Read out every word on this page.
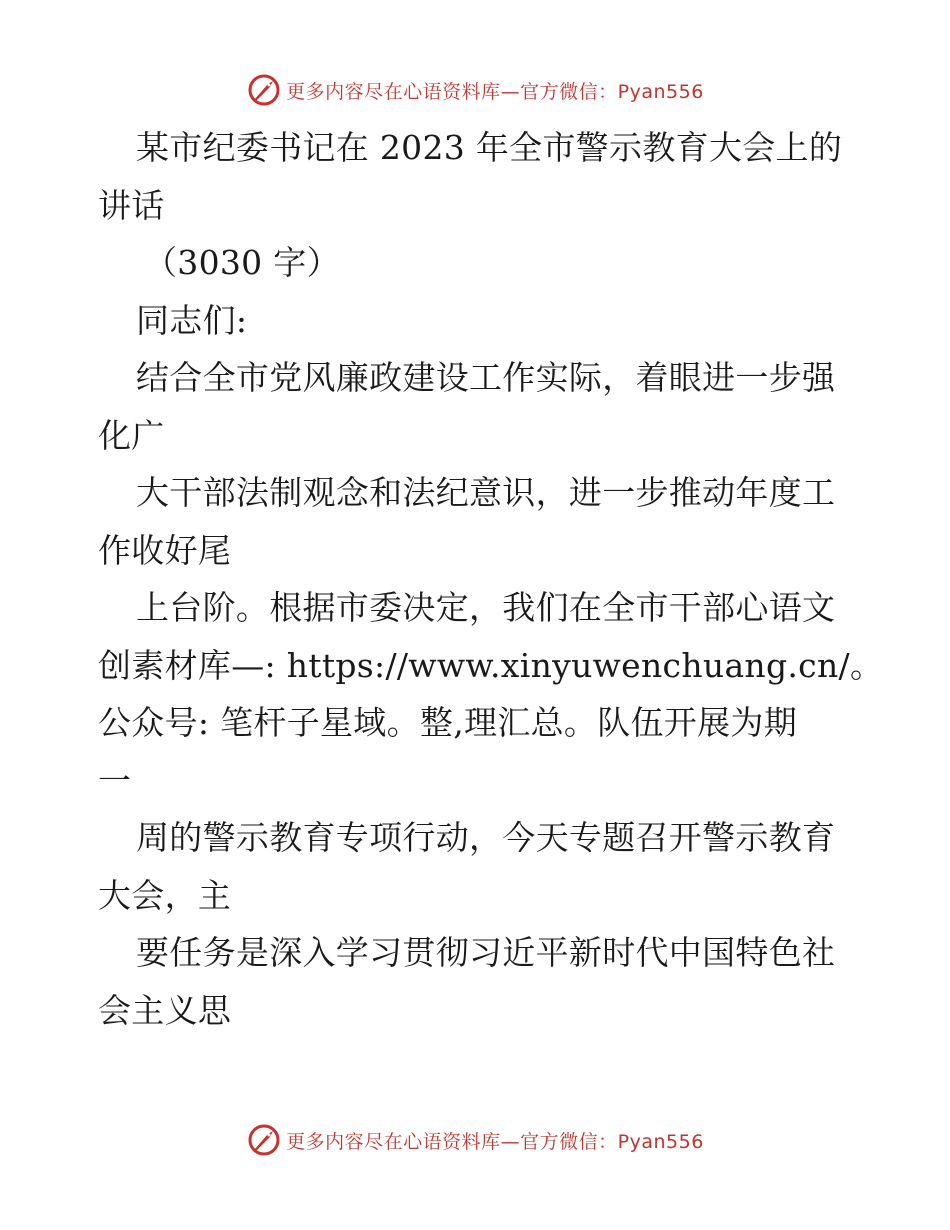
更多内容尽在心语资料库—官方微信：Pyan556
某市纪委书记在 2023 年全市警示教育大会上的
讲话
（3030 字）
同志们:
结合全市党风廉政建设工作实际，着眼进一步强
化广
大干部法制观念和法纪意识，进一步推动年度工
作收好尾
上台阶。根据市委决定，我们在全市干部心语文
创素材库—: https://www.xinyuwenchuang.cn/。
公众号: 笔杆子星域。整,理汇总。队伍开展为期
一
周的警示教育专项行动，今天专题召开警示教育
大会，主
要任务是深入学习贯彻习近平新时代中国特色社
会主义思
更多内容尽在心语资料库—官方微信：Pyan556
